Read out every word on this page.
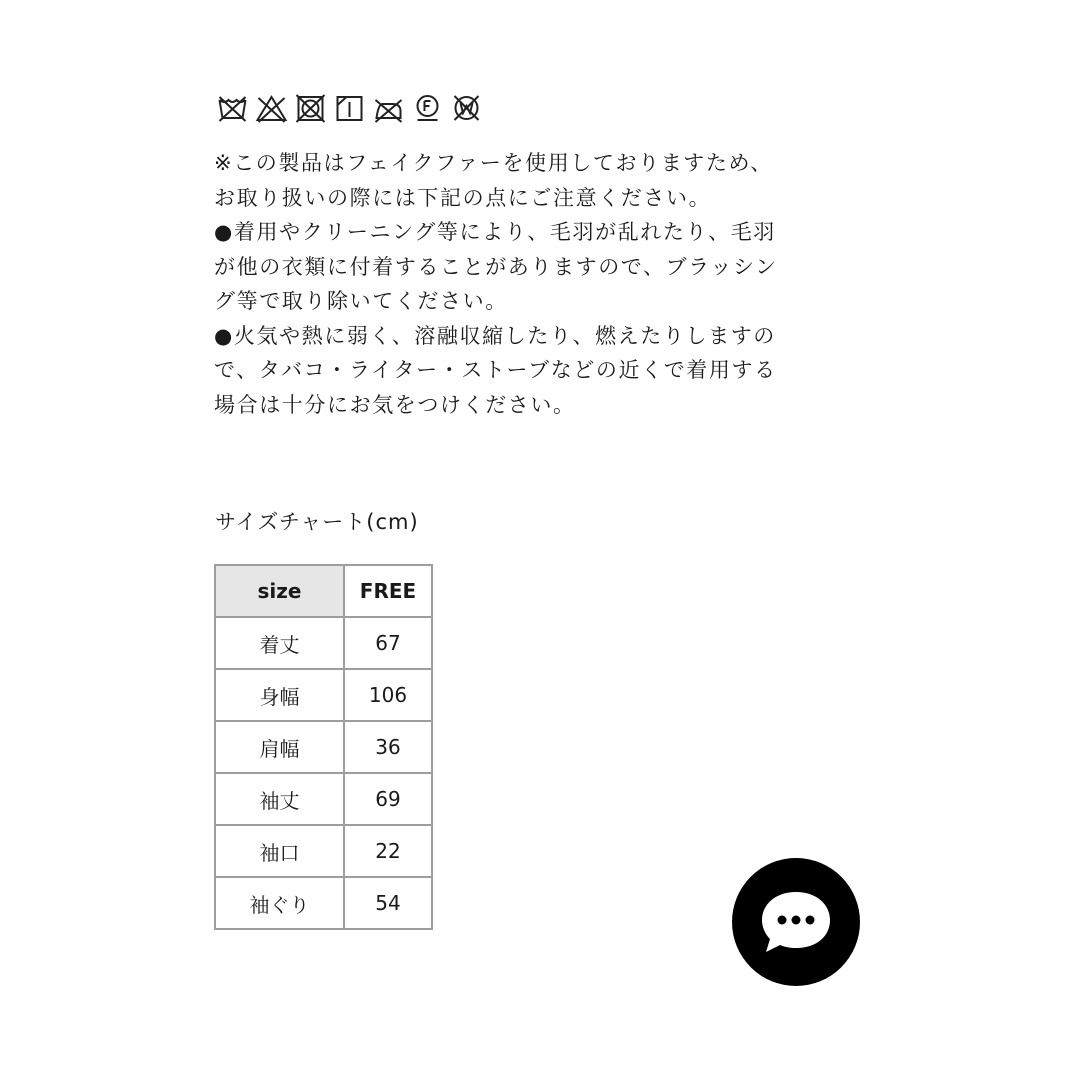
※この製品はフェイクファーを使用しておりますため、

お取り扱いの際には下記の点にご注意ください。

●着用やクリーニング等により、毛羽が乱れたり、毛羽

が他の衣類に付着することがありますので、ブラッシン

グ等で取り除いてください。

●火気や熱に弱く、溶融収縮したり、燃えたりしますの

で、タバコ・ライター・ストーブなどの近くで着用する

場合は十分にお気をつけください。

サイズチャート(cm)
size	FREE
着丈	67
身幅	106
肩幅	36
袖丈	69
袖口	22
袖ぐり	54
